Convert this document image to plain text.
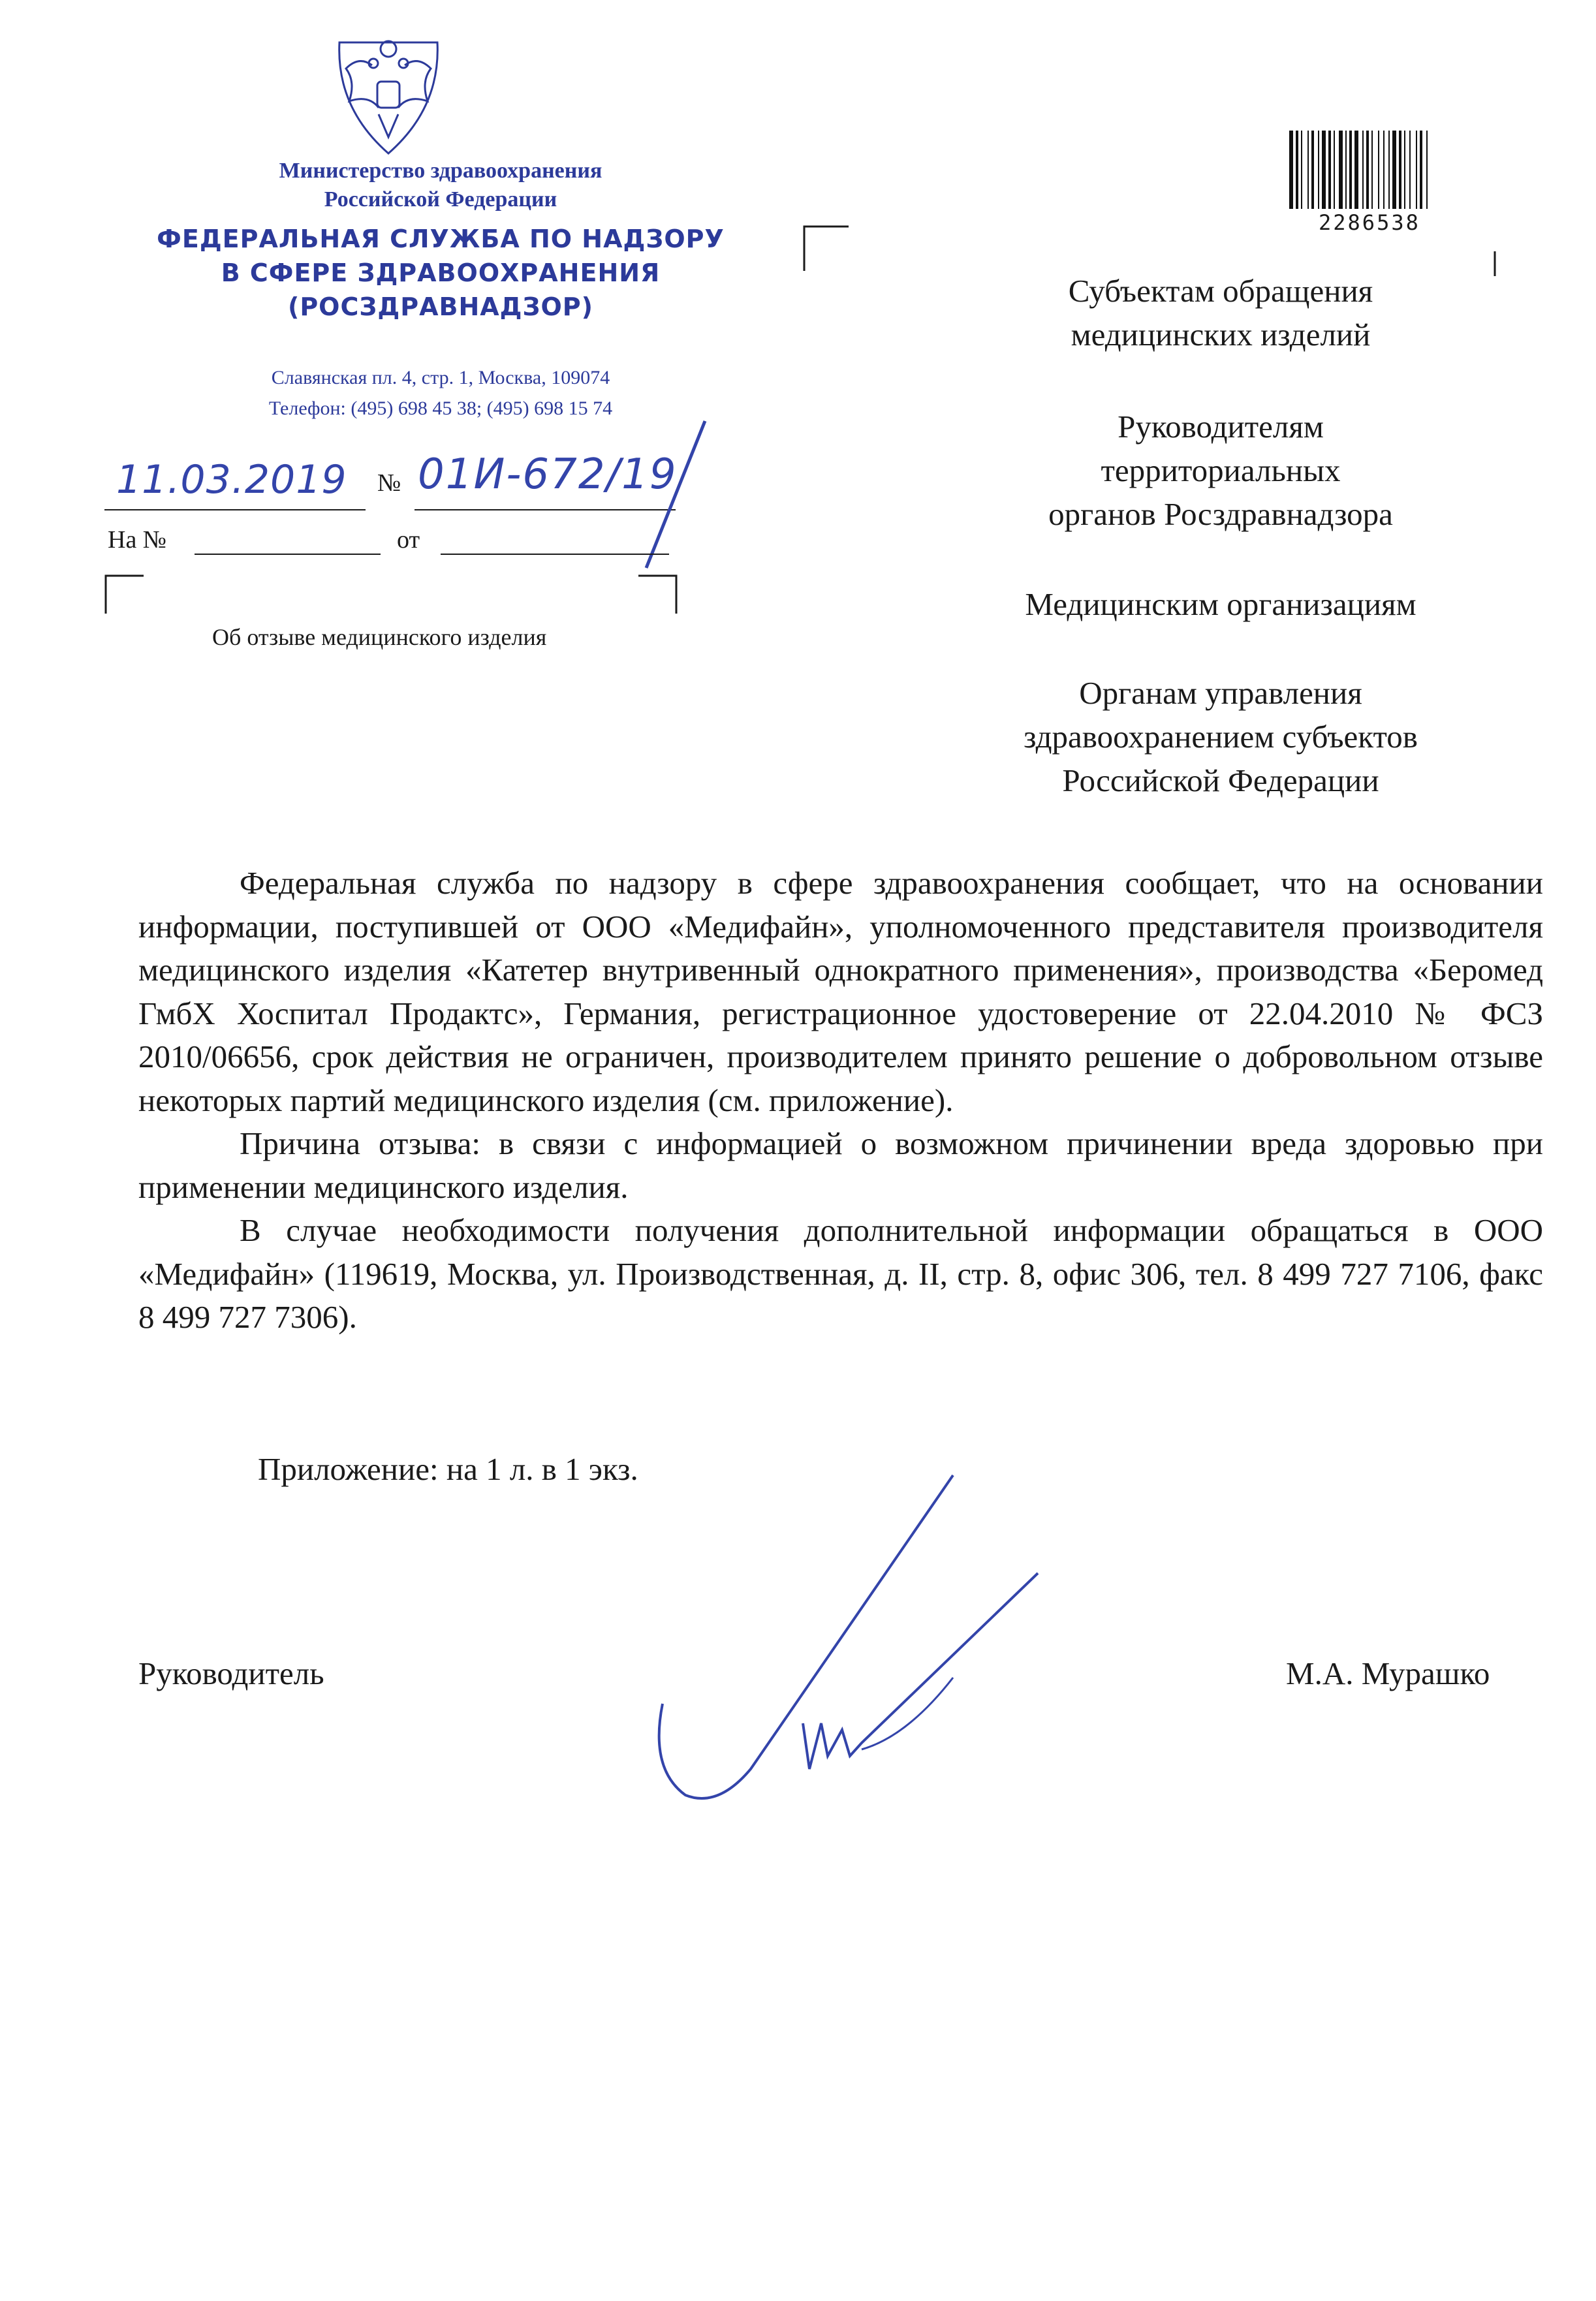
Министерство здравоохранения
Российской Федерации
ФЕДЕРАЛЬНАЯ СЛУЖБА ПО НАДЗОРУ
В СФЕРЕ ЗДРАВООХРАНЕНИЯ
(РОСЗДРАВНАДЗОР)
Славянская пл. 4, стр. 1, Москва, 109074
Телефон: (495) 698 45 38; (495) 698 15 74
11.03.2019 № 01И-672/19
На №	от
Об отзыве медицинского изделия
2286538
Субъектам обращения
медицинских изделий
Руководителям
территориальных
органов Росздравнадзора
Медицинским организациям
Органам управления
здравоохранением субъектов
Российской Федерации

Федеральная служба по надзору в сфере здравоохранения сообщает, что на основании информации, поступившей от ООО «Медифайн», уполномоченного представителя производителя медицинского изделия «Катетер внутривенный однократного применения», производства «Беромед ГмбХ Хоспитал Продактс», Германия, регистрационное удостоверение от 22.04.2010 № ФСЗ 2010/06656, срок действия не ограничен, производителем принято решение о добровольном отзыве некоторых партий медицинского изделия (см. приложение).

Причина отзыва: в связи с информацией о возможном причинении вреда здоровью при применении медицинского изделия.

В случае необходимости получения дополнительной информации обращаться в ООО «Медифайн» (119619, Москва, ул. Производственная, д. II, стр. 8, офис 306, тел. 8 499 727 7106, факс 8 499 727 7306).

Приложение: на 1 л. в 1 экз.
Руководитель	М.А. Мурашко
